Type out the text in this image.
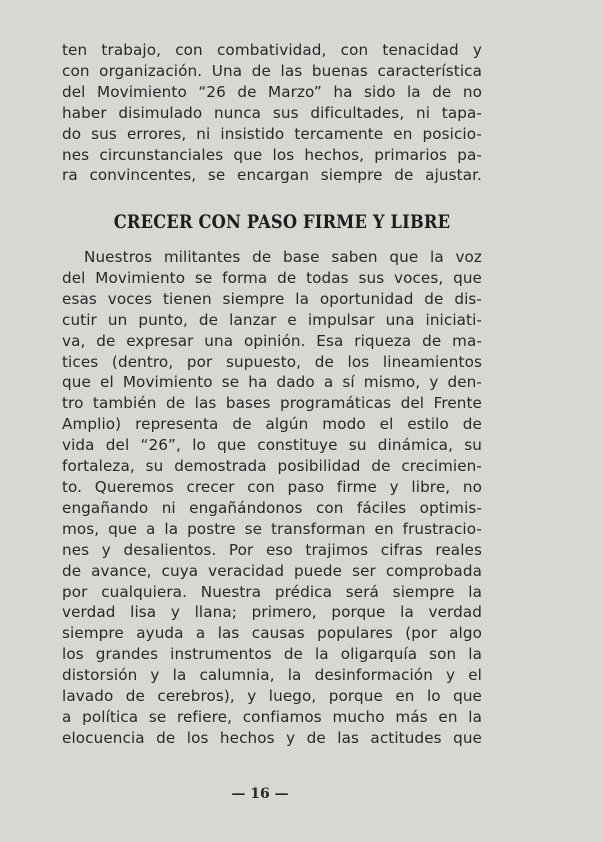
ten trabajo, con combatividad, con tenacidad y
con organización. Una de las buenas característica
del Movimiento “26 de Marzo” ha sido la de no
haber disimulado nunca sus dificultades, ni tapa-
do sus errores, ni insistido tercamente en posicio-
nes circunstanciales que los hechos, primarios pa-
ra convincentes, se encargan siempre de ajustar.
CRECER CON PASO FIRME Y LIBRE
Nuestros militantes de base saben que la voz
del Movimiento se forma de todas sus voces, que
esas voces tienen siempre la oportunidad de dis-
cutir un punto, de lanzar e impulsar una iniciati-
va, de expresar una opinión. Esa riqueza de ma-
tices (dentro, por supuesto, de los lineamientos
que el Movimiento se ha dado a sí mismo, y den-
tro también de las bases programáticas del Frente
Amplio) representa de algún modo el estilo de
vida del “26”, lo que constituye su dinámica, su
fortaleza, su demostrada posibilidad de crecimien-
to. Queremos crecer con paso firme y libre, no
engañando ni engañándonos con fáciles optimis-
mos, que a la postre se transforman en frustracio-
nes y desalientos. Por eso trajimos cifras reales
de avance, cuya veracidad puede ser comprobada
por cualquiera. Nuestra prédica será siempre la
verdad lisa y llana; primero, porque la verdad
siempre ayuda a las causas populares (por algo
los grandes instrumentos de la oligarquía son la
distorsión y la calumnia, la desinformación y el
lavado de cerebros), y luego, porque en lo que
a política se refiere, confiamos mucho más en la
elocuencia de los hechos y de las actitudes que
— 16 —
